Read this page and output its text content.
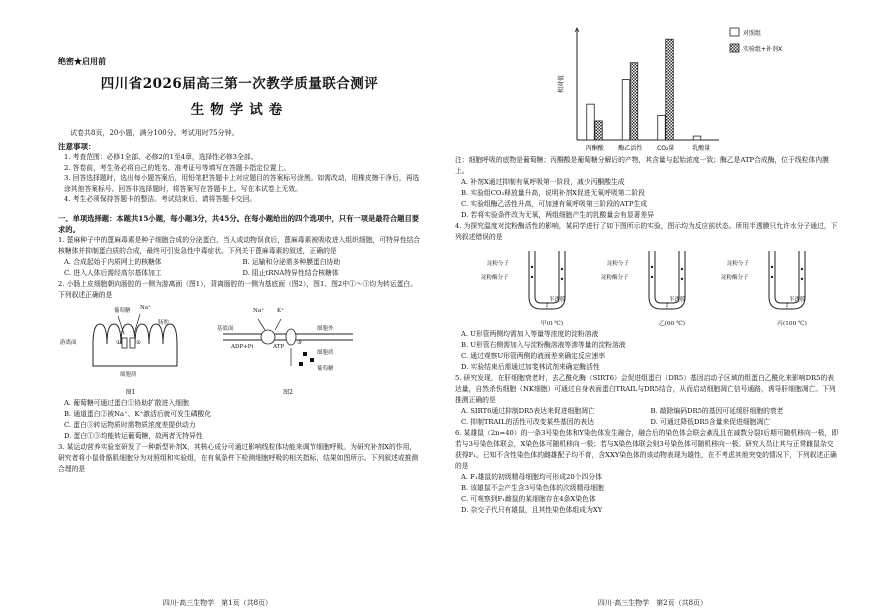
绝密★启用前
四川省2026届高三第一次教学质量联合测评
生物学试卷
试卷共8页，20小题，满分100分。考试用时75分钟。
注意事项：
1. 考查范围：必修1全部、必修2的1至4章，选择性必修3全部。
2. 答卷前，考生务必将自己的姓名、准考证号等填写在答题卡指定位置上。
3. 回答选择题时，选出每小题答案后，用铅笔把答题卡上对应题目的答案标号涂黑。如需改动，用橡皮擦干净后，再选涂其他答案标号。回答非选择题时，将答案写在答题卡上。写在本试卷上无效。
4. 考生必须保持答题卡的整洁。考试结束后，请将答题卡交回。
一、单项选择题：本题共15小题，每小题3分，共45分。在每小题给出的四个选项中，只有一项是最符合题目要求的。
1. 蓖麻种子中的蓖麻毒素是种子细胞合成的分泌蛋白，当人或动物误食后，蓖麻毒素被吸收进入组织细胞，可特异性结合核糖体并抑制蛋白质的合成，最终可引发急性中毒症状。下列关于蓖麻毒素的叙述，正确的是
A. 合成起始于内质网上的核糖体	B. 运输和分泌需多种膜蛋白协助
C. 进入人体后需经高尔基体加工	D. 阻止tRNA特异性结合核糖体
2. 小肠上皮细胞朝向肠腔的一侧为游离面（图1），背离肠腔的一侧为基底面（图2），图1、图2中①～③均为转运蛋白。下列叙述正确的是
葡萄糖 Na⁺
肠腔
游离面	①	②
细胞质
图1
Na⁺ K⁺
基底面	细胞外
ADP+Pi	ATP
③
细胞质
葡萄糖
图2
A. 葡萄糖可通过蛋白①协助扩散进入细胞
B. 通道蛋白②被Na⁺、K⁺激活后就可发生磷酸化
C. 蛋白③转运物质时需物质浓度差提供动力
D. 蛋白①③均能转运葡萄糖，故两者无特异性
3. 某运动营养实验室研发了一种新型补剂X，其核心成分可通过影响线粒体功能来调节细胞呼吸。为研究补剂X的作用，研究者将小鼠骨骼肌细胞分为对照组和实验组，在有氧条件下检测细胞呼吸的相关指标，结果如图所示。下列叙述或推测合理的是
四川·高三生物学　第1页（共8页）
相对值
丙酮酸 酶乙活性 CO₂量	乳酸量
对照组
实验组+补剂X
注：细胞呼吸的底物是葡萄糖；丙酮酸是葡萄糖分解后的产物，其含量与起始浓度一致；酶乙是ATP合成酶，位于线粒体内膜上。
A. 补剂X通过抑制有氧呼吸第一阶段，减少丙酮酸生成
B. 实验组CO₂释放量升高，说明补剂X促进无氧呼吸第二阶段
C. 实验组酶乙活性升高，可加速有氧呼吸第三阶段的ATP生成
D. 若将实验条件改为无氧，两组细胞产生的乳酸量会有显著差异
4. 为探究温度对淀粉酶活性的影响，某同学进行了如下图所示的实验，图示均为反应前状态。所用半透膜只允许水分子通过，下列叙述错误的是
淀粉分子
淀粉酶分子
半透膜
甲(0 ℃)
淀粉分子
淀粉酶分子
半透膜
乙(60 ℃)
淀粉分子
淀粉酶分子
半透膜
丙(100 ℃)
A. U形管两侧均需加入等量等浓度的淀粉溶液
B. U形管右侧需加入与淀粉酶溶液等渗等量的淀粉溶液
C. 通过观察U形管两侧的液面差来确定反应速率
D. 实验结束后需通过加斐林试剂来确定酶活性
5. 研究发现，在肝细胞衰老时，去乙酰化酶（SIRT6）会促进组蛋白（DR5）基因启动子区域的组蛋白乙酰化来影响DR5的表达量，自然杀伤细胞（NK细胞）可通过自身表面蛋白TRAIL与DR5结合，从而启动细胞凋亡信号通路，诱导肝细胞凋亡。下列推测正确的是
A. SIRT6通过抑制DR5表达来促进细胞凋亡	B. 敲除编码DR5的基因可延缓肝细胞的衰老
C. 抑制TRAIL的活性可改变某些基因的表达	D. 可通过降低DR5含量来促进细胞凋亡
6. 某雄鼠（2n=40）的一条3号染色体和Y染色体发生融合，融合后的染色体会联会紊乱且在减数分裂Ⅰ后期可随机移向一极，即若与3号染色体联会，X染色体可随机移向一极；若与X染色体联会则3号染色体可随机移向一极。研究人员让其与正常雌鼠杂交获得F₁。已知不含性染色体的雌雄配子均不育，含XXY染色体的该动物表现为雄性，在不考虑其他突变的情况下，下列叙述正确的是
A. F₁雄鼠的初级精母细胞均可形成20个四分体
B. 该雄鼠不会产生含3号染色体的次级精母细胞
C. 可观察到F₁雌鼠的某细胞存在4条X染色体
D. 杂交子代只有雄鼠，且其性染色体组成为XY
四川·高三生物学　第2页（共8页）
